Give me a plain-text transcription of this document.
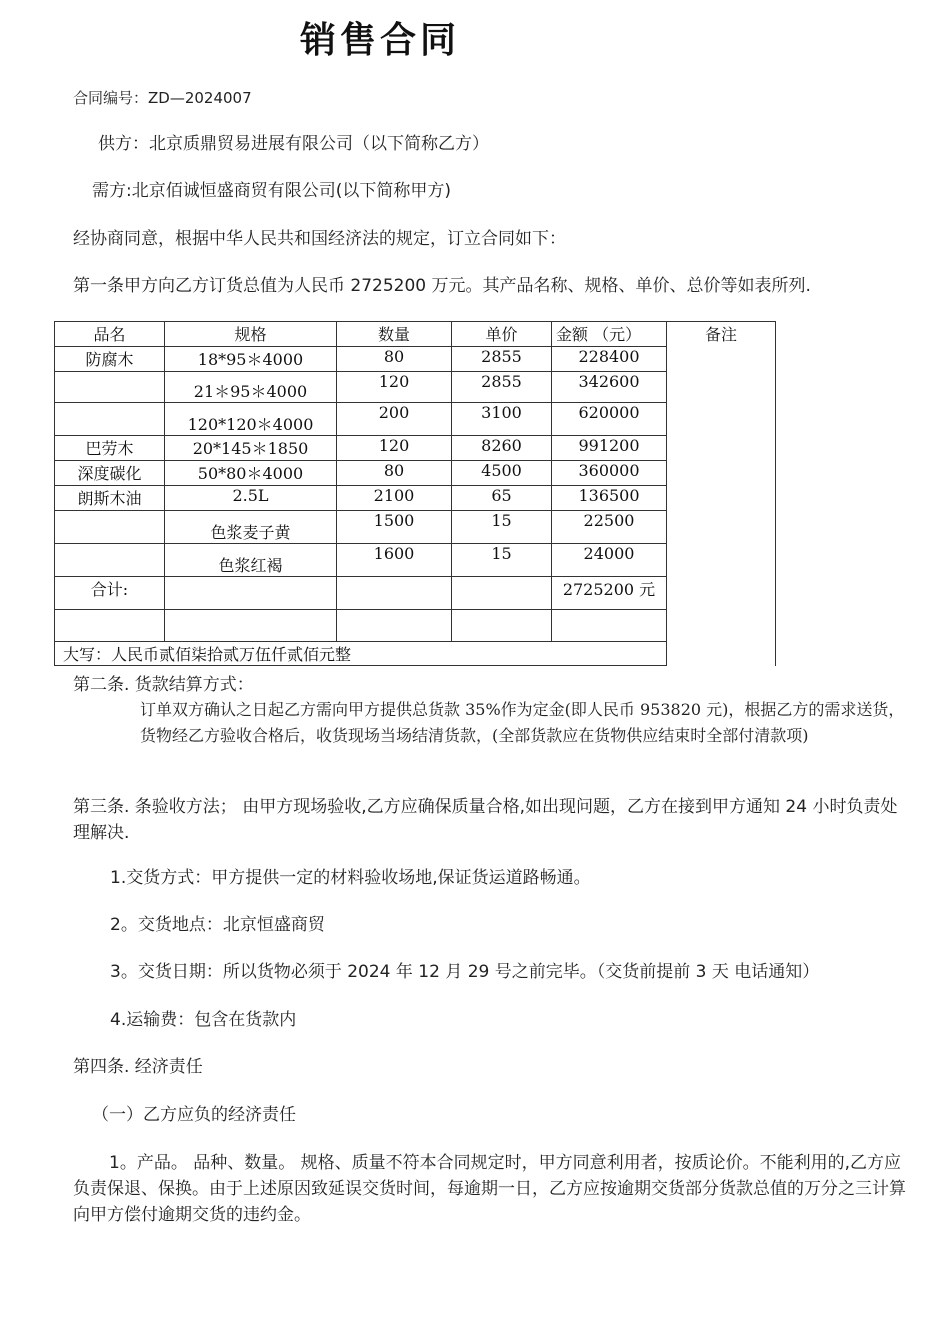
销售合同
合同编号：ZD—2024007
供方：北京质鼎贸易进展有限公司（以下简称乙方）
需方:北京佰诚恒盛商贸有限公司(以下简称甲方)
经协商同意，根据中华人民共和国经济法的规定，订立合同如下：
第一条甲方向乙方订货总值为人民币 2725200 万元。其产品名称、规格、单价、总价等如表所列.
品名	规格	数量	单价	金额 （元）	备注
防腐木	18*95＊4000	80	2855	228400	
	21＊95＊4000	120	2855	342600	
	120*120＊4000	200	3100	620000	
巴劳木	20*145＊1850	120	8260	991200	
深度碳化	50*80＊4000	80	4500	360000	
朗斯木油	2.5L	2100	65	136500	
	色浆麦子黄	1500	15	22500	
	色浆红褐	1600	15	24000	
合计:				2725200 元	

大写：人民币贰佰柒拾贰万伍仟贰佰元整					
第二条. 货款结算方式：
订单双方确认之日起乙方需向甲方提供总货款 35%作为定金(即人民币 953820 元)，根据乙方的需求送货，货物经乙方验收合格后，收货现场当场结清货款，(全部货款应在货物供应结束时全部付清款项)
第三条. 条验收方法； 由甲方现场验收,乙方应确保质量合格,如出现问题，乙方在接到甲方通知 24 小时负责处理解决.
1.交货方式：甲方提供一定的材料验收场地,保证货运道路畅通。
2。交货地点：北京恒盛商贸
3。交货日期：所以货物必须于 2024 年 12 月 29 号之前完毕。（交货前提前 3 天 电话通知）
4.运输费：包含在货款内
第四条. 经济责任
（一）乙方应负的经济责任
1。产品。 品种、数量。 规格、质量不符本合同规定时，甲方同意利用者，按质论价。不能利用的,乙方应负责保退、保换。由于上述原因致延误交货时间，每逾期一日，乙方应按逾期交货部分货款总值的万分之三计算向甲方偿付逾期交货的违约金。
